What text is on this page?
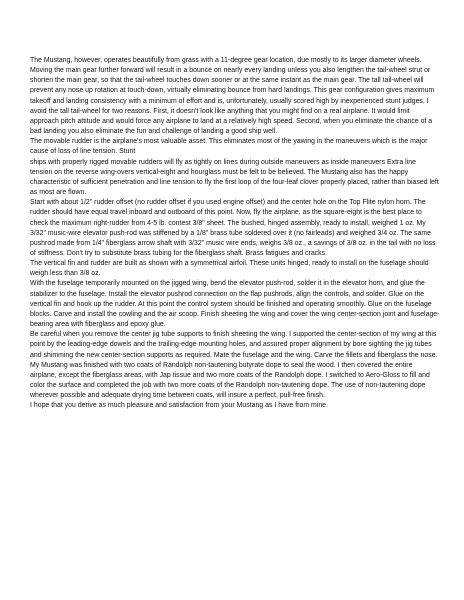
The Mustang, however, operates beautifully from grass with a 11-degree gear location, due mostly to its larger diameter wheels. Moving the main gear further forward will result in a bounce on nearly every landing unless you also lengthen the tail-wheel strut or shorten the main gear, so that the tail-wheel touches down sooner or at the same instant as the main gear. The tall tail-wheel will prevent any nose up rotation at touch-down, virtually eliminating bounce from hard landings. This gear configuration gives maximum takeoff and landing consistency with a minimum of effort and is, unfortunately, usually scored high by inexperienced stunt judges. I avoid the tall tail-wheel for two reasons. First, it doesn't look like anything that you might find on a real airplane. It would limit approach pitch attitude and would force any airplane to land at a relatively high speed. Second, when you eliminate the chance of a bad landing you also eliminate the fun and challenge of landing a good ship well.

The movable rudder is the airplane's most valuable asset. This eliminates most of the yawing in the maneuvers which is the major cause of loss of line tension. Stunt

ships with properly rigged movable rudders will fly as tightly on lines during outside maneuvers as inside maneuvers Extra line tension on the reverse wing-overs vertical-eight and hourglass must be felt to be believed. The Mustang also has the happy characteristic of sufficient penetration and line tension to fly the first loop of the four-leaf clover properly placed, rather than biased left as most are flown.

Start with about 1/2" rudder offset (no rudder offset if you used engine offset) and the center hole on the Top Flite nylon horn. The rudder should have equal travel inboard and outboard of this point. Now, fly the airplane, as the square-eight is the best place to check the maximum right-rudder from 4-5 lb. contest 3/8" sheet. The bushed, hinged assembly, ready to install, weighed 1 oz. My 3/32" music-wire elevator push-rod was stiffened by a 1/8" brass tube soldered over it (no fairleads) and weighed 3/4 oz. The same pushrod made from 1/4" fiberglass arrow shaft with 3/32" music wire ends, weighs 3/8 oz., a savings of 3/8 oz. in the tail with no loss of stiffness. Don't try to substitute brass tubing for the fiberglass shaft. Brass fatigues and cracks.

The vertical fin and rudder are built as shown with a symmetrical airfoil. These units hinged, ready to install on the fuselage should weigh less than 3/8 oz.

With the fuselage temporarily mounted on the jigged wing, bend the elevator push-rod, solder it in the elevator horn, and glue the stabilizer to the fuselage. Install the elevator pushrod connection on the flap pushrods, align the controls, and solder. Glue on the vertical fin and hook up the rudder. At this point the control system should be finished and operating smoothly. Glue on the fuselage blocks. Carve and install the cowling and the air scoop. Finish sheeting the wing and cover the wing center-section joint and fuselage-bearing area with fiberglass and epoxy glue.

Be careful when you remove the center jig tube supports to finish sheeting the wing. I supported the center-section of my wing at this point by the leading-edge dowels and the trailing-edge mounting holes, and assured proper alignment by bore sighting the jig tubes and shimming the new center-section supports as required. Mate the fuselage and the wing. Carve the fillets and fiberglass the nose.

My Mustang was finished with two coats of Randolph non-tautening butyrate dope to seal the wood. I then covered the entire airplane, except the fiberglass areas, with Jap tissue and two more coats of the Randolph dope. I switched to Aero-Gloss to fill and color the surface and completed the job with two more coats of the Randolph non-tautening dope. The use of non-tautening dope wherever possible and adequate drying time between coats, will insure a perfect, pull-free finish.

I hope that you derive as much pleasure and satisfaction from your Mustang as I have from mine.
